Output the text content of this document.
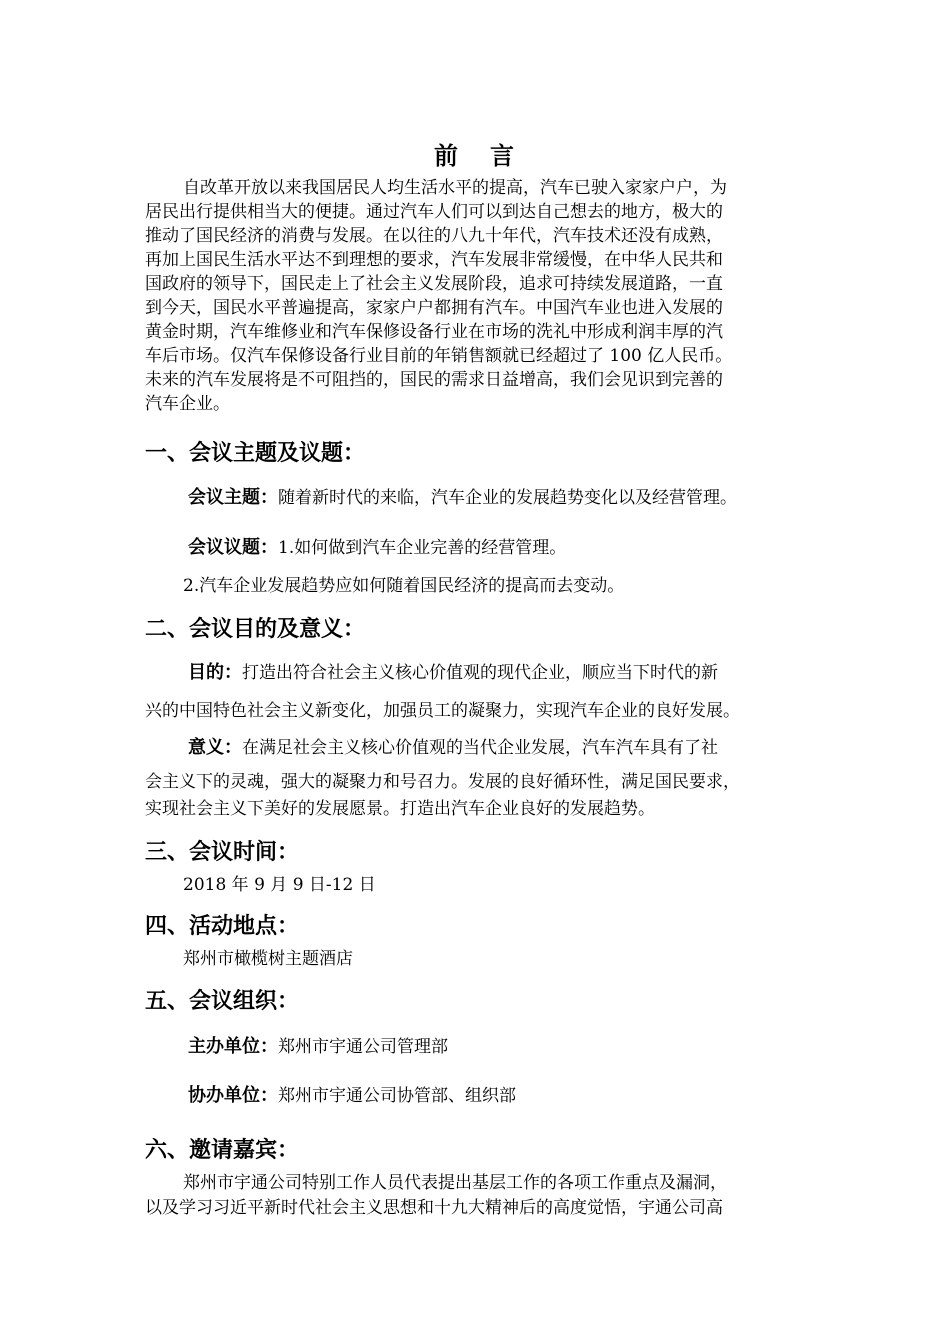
前 言
自改革开放以来我国居民人均生活水平的提高，汽车已驶入家家户户，为
居民出行提供相当大的便捷。通过汽车人们可以到达自己想去的地方，极大的
推动了国民经济的消费与发展。在以往的八九十年代，汽车技术还没有成熟，
再加上国民生活水平达不到理想的要求，汽车发展非常缓慢，在中华人民共和
国政府的领导下，国民走上了社会主义发展阶段，追求可持续发展道路，一直
到今天，国民水平普遍提高，家家户户都拥有汽车。中国汽车业也进入发展的
黄金时期，汽车维修业和汽车保修设备行业在市场的洗礼中形成利润丰厚的汽
车后市场。仅汽车保修设备行业目前的年销售额就已经超过了 100 亿人民币。
未来的汽车发展将是不可阻挡的，国民的需求日益增高，我们会见识到完善的
汽车企业。
一、会议主题及议题：
会议主题：随着新时代的来临，汽车企业的发展趋势变化以及经营管理。
会议议题：1.如何做到汽车企业完善的经营管理。
2.汽车企业发展趋势应如何随着国民经济的提高而去变动。
二、会议目的及意义：
目的：打造出符合社会主义核心价值观的现代企业，顺应当下时代的新
兴的中国特色社会主义新变化，加强员工的凝聚力，实现汽车企业的良好发展。
意义：在满足社会主义核心价值观的当代企业发展，汽车汽车具有了社
会主义下的灵魂，强大的凝聚力和号召力。发展的良好循环性，满足国民要求，
实现社会主义下美好的发展愿景。打造出汽车企业良好的发展趋势。
三、会议时间：
2018 年 9 月 9 日-12 日
四、活动地点：
郑州市橄榄树主题酒店
五、会议组织：
主办单位：郑州市宇通公司管理部
协办单位：郑州市宇通公司协管部、组织部
六、邀请嘉宾：
郑州市宇通公司特别工作人员代表提出基层工作的各项工作重点及漏洞，
以及学习习近平新时代社会主义思想和十九大精神后的高度觉悟，宇通公司高
